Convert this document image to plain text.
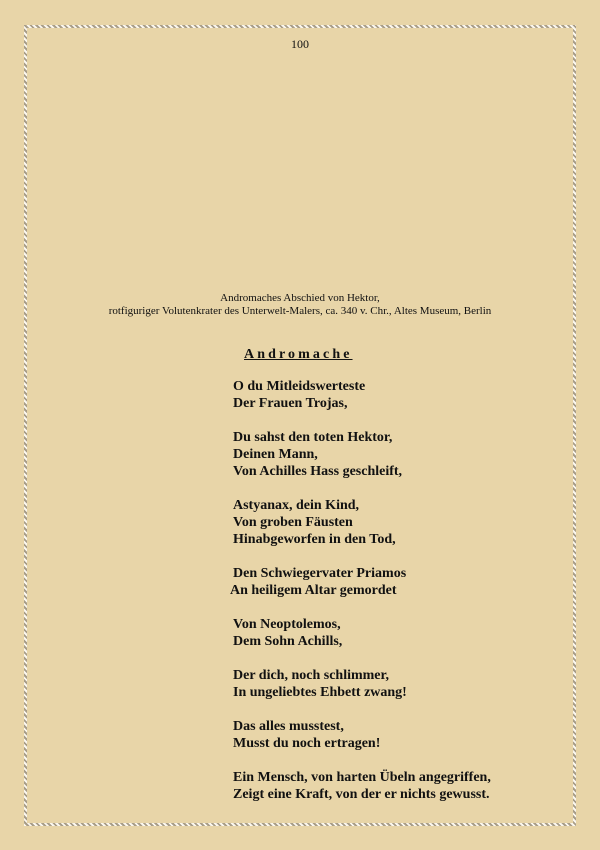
100
Andromaches Abschied von Hektor,
rotfiguriger Volutenkrater des Unterwelt-Malers, ca. 340 v. Chr., Altes Museum, Berlin
Andromache
O du Mitleidswerteste
Der Frauen Trojas,
Du sahst den toten Hektor,
Deinen Mann,
Von Achilles Hass geschleift,
Astyanax, dein Kind,
Von groben Fäusten
Hinabgeworfen in den Tod,
Den Schwiegervater Priamos
An heiligem Altar gemordet
Von Neoptolemos,
Dem Sohn Achills,
Der dich, noch schlimmer,
In ungeliebtes Ehbett zwang!
Das alles musstest,
Musst du noch ertragen!
Ein Mensch, von harten Übeln angegriffen,
Zeigt eine Kraft, von der er nichts gewusst.
